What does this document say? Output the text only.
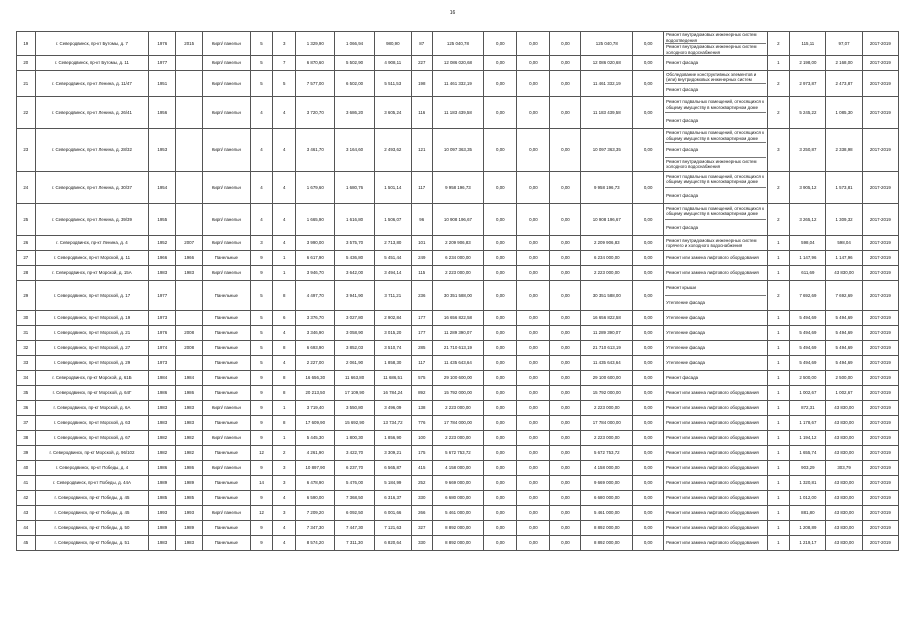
16
19	г. Северодвинск, пр-кт Бутомы, д. 7	1976	2015	Кирп/ панельн	5	3	1 329,90	1 066,94	980,90	87	125 040,78	0,00	0,00	0,00	125 040,78	0,00	Ремонт внутридомовых инженерных систем водоотведения
Ремонт внутридомовых инженерных систем холодного водоснабжения	2	115,11	97,07	2017-2019
20	г. Северодвинск, пр-кт Бутомы, д. 11	1977		Кирп/ панельн	5	7	6 870,60	5 502,90	4 908,11	227	12 086 020,68	0,00	0,00	0,00	12 086 020,68	0,00	Ремонт фасада	1	2 198,00	2 168,00	2017-2019
21	г. Северодвинск, пр-кт Ленина, д. 11/47	1951		Кирп/ панельн	5	5	7 577,00	6 502,00	5 511,53	198	11 461 332,19	0,00	0,00	0,00	11 461 332,19	0,00	Обследование конструктивных элементов и (или) внутридомовых инженерных систем
Ремонт фасада	2	2 973,87	2 473,87	2017-2019
22	г. Северодвинск, пр-кт Ленина, д. 26/41	1956		Кирп/ панельн	4	4	3 720,70	3 686,20	3 605,24	116	11 183 439,58	0,00	0,00	0,00	11 183 439,58	0,00	Ремонт подвальных помещений, относящихся к общему имуществу в многоквартирном доме
Ремонт фасада	2	5 245,22	1 085,30	2017-2019
23	г. Северодвинск, пр-кт Ленина, д. 28/32	1953		Кирп/ панельн	4	4	3 461,70	3 164,60	2 493,62	121	10 097 363,35	0,00	0,00	0,00	10 097 363,35	0,00	Ремонт подвальных помещений, относящихся к общему имуществу в многоквартирном доме
Ремонт фасада
Ремонт внутридомовых инженерных систем холодного водоснабжения	3	3 250,87	2 338,98	2017-2019
24	г. Северодвинск, пр-кт Ленина, д. 30/37	1954		Кирп/ панельн	4	4	1 679,60	1 680,76	1 501,14	117	9 958 196,73	0,00	0,00	0,00	9 958 196,73	0,00	Ремонт подвальных помещений, относящихся к общему имуществу в многоквартирном доме
Ремонт фасада	2	3 905,12	1 573,81	2017-2019
25	г. Северодвинск, пр-кт Ленина, д. 39/39	1955		Кирп/ панельн	4	4	1 665,90	1 616,80	1 506,07	96	10 908 196,67	0,00	0,00	0,00	10 908 196,67	0,00	Ремонт подвальных помещений, относящихся к общему имуществу в многоквартирном доме
Ремонт фасада	2	3 265,12	1 309,32	2017-2019
26	г. Северодвинск, пр-кт Ленина, д. 4	1952	2007	Кирп/ панельн	3	4	3 990,00	3 575,70	2 713,80	101	2 209 906,83	0,00	0,00	0,00	2 209 906,83	0,00	Ремонт внутридомовых инженерных систем горячего и холодного водоснабжения	1	598,04	598,04	2017-2019
27	г. Северодвинск, пр-кт Морской, д. 11	1966	1966	Панельные	9	1	6 617,90	5 436,80	5 451,44	249	6 234 000,00	0,00	0,00	0,00	6 234 000,00	0,00	Ремонт или замена лифтового оборудования	1	1 147,96	1 147,96	2017-2019
28	г. Северодвинск, пр-кт Морской, д. 15А	1983	1983	Кирп/ панельн	9	1	3 946,70	3 642,00	3 494,14	115	2 223 000,00	0,00	0,00	0,00	2 223 000,00	0,00	Ремонт или замена лифтового оборудования	1	611,69	43 830,00	2017-2019
29	г. Северодвинск, пр-кт Морской, д. 17	1977		Панельные	5	8	4 497,70	3 941,90	3 711,21	236	30 351 588,00	0,00	0,00	0,00	30 351 588,00	0,00	Ремонт крыши
Утепление фасада	2	7 692,69	7 692,69	2017-2019
30	г. Северодвинск, пр-кт Морской, д. 19	1973		Панельные	5	6	3 376,70	3 027,80	2 902,84	177	16 656 822,58	0,00	0,00	0,00	16 656 822,58	0,00	Утепление фасада	1	5 494,69	5 494,69	2017-2019
31	г. Северодвинск, пр-кт Морской, д. 21	1976	2008	Панельные	5	4	3 346,90	3 058,90	3 015,20	177	11 289 390,07	0,00	0,00	0,00	11 289 390,07	0,00	Утепление фасада	1	5 494,69	5 494,69	2017-2019
32	г. Северодвинск, пр-кт Морской, д. 27	1974	2008	Панельные	5	8	6 693,90	3 852,03	3 510,74	285	21 710 613,19	0,00	0,00	0,00	21 710 613,19	0,00	Утепление фасада	1	5 494,69	5 494,69	2017-2019
33	г. Северодвинск, пр-кт Морской, д. 29	1973		Панельные	5	4	2 227,00	2 061,90	1 858,30	117	11 435 643,64	0,00	0,00	0,00	11 435 643,64	0,00	Утепление фасада	1	5 494,69	5 494,69	2017-2019
34	г. Северодвинск, пр-кт Морской, д. 61Б	1984	1984	Панельные	9	8	16 656,30	11 663,80	11 686,51	575	29 100 600,00	0,00	0,00	0,00	29 100 600,00	0,00	Ремонт фасада	1	2 500,00	2 500,00	2017-2019
35	г. Северодвинск, пр-кт Морской, д. 64Г	1986	1986	Панельные	9	8	20 213,50	17 109,90	16 784,24	892	15 792 000,00	0,00	0,00	0,00	15 792 000,00	0,00	Ремонт или замена лифтового оборудования	1	1 002,67	1 002,67	2017-2019
36	г. Северодвинск, пр-кт Морской, д. 6А	1983	1983	Кирп/ панельн	9	1	3 719,40	3 550,80	3 496,09	138	2 223 000,00	0,00	0,00	0,00	2 223 000,00	0,00	Ремонт или замена лифтового оборудования	1	872,31	43 830,00	2017-2019
37	г. Северодвинск, пр-кт Морской, д. 63	1983	1983	Панельные	9	8	17 609,90	15 692,90	13 734,72	776	17 784 000,00	0,00	0,00	0,00	17 784 000,00	0,00	Ремонт или замена лифтового оборудования	1	1 178,67	43 830,00	2017-2019
38	г. Северодвинск, пр-кт Морской, д. 67	1982	1982	Кирп/ панельн	9	1	5 445,30	1 800,30	1 856,90	100	2 223 000,00	0,00	0,00	0,00	2 223 000,00	0,00	Ремонт или замена лифтового оборудования	1	1 194,12	43 830,00	2017-2019
39	г. Северодвинск, пр-кт Морской, д. 96/102	1982	1982	Панельные	12	2	4 261,90	3 422,70	3 309,21	175	5 672 753,72	0,00	0,00	0,00	5 672 753,72	0,00	Ремонт или замена лифтового оборудования	1	1 655,74	43 830,00	2017-2019
40	г. Северодвинск, пр-кт Победы, д. 4	1986	1986	Кирп/ панельн	9	3	10 897,90	6 237,70	6 565,87	415	4 158 000,00	0,00	0,00	0,00	4 158 000,00	0,00	Ремонт или замена лифтового оборудования	1	903,29	303,79	2017-2019
41	г. Северодвинск, пр-кт Победы, д. 44А	1989	1989	Панельные	14	3	6 478,90	5 476,00	5 184,99	252	9 669 000,00	0,00	0,00	0,00	9 669 000,00	0,00	Ремонт или замена лифтового оборудования	1	1 320,81	43 830,00	2017-2019
42	г. Северодвинск, пр-кт Победы, д. 45	1985	1985	Панельные	9	4	6 590,00	7 368,50	6 316,37	330	6 680 000,00	0,00	0,00	0,00	6 680 000,00	0,00	Ремонт или замена лифтового оборудования	1	1 012,00	43 830,00	2017-2019
43	г. Северодвинск, пр-кт Победы, д. 45	1993	1993	Кирп/ панельн	12	3	7 209,20	6 092,50	6 001,66	266	5 461 000,00	0,00	0,00	0,00	5 461 000,00	0,00	Ремонт или замена лифтового оборудования	1	881,80	43 830,00	2017-2019
44	г. Северодвинск, пр-кт Победы, д. 50	1989	1989	Панельные	9	4	7 347,30	7 447,30	7 121,63	327	8 892 000,00	0,00	0,00	0,00	8 892 000,00	0,00	Ремонт или замена лифтового оборудования	1	1 208,89	43 830,00	2017-2019
45	г. Северодвинск, пр-кт Победы, д. 51	1983	1983	Панельные	9	4	8 574,20	7 311,30	6 820,64	330	8 892 000,00	0,00	0,00	0,00	8 892 000,00	0,00	Ремонт или замена лифтового оборудования	1	1 219,17	43 830,00	2017-2019
